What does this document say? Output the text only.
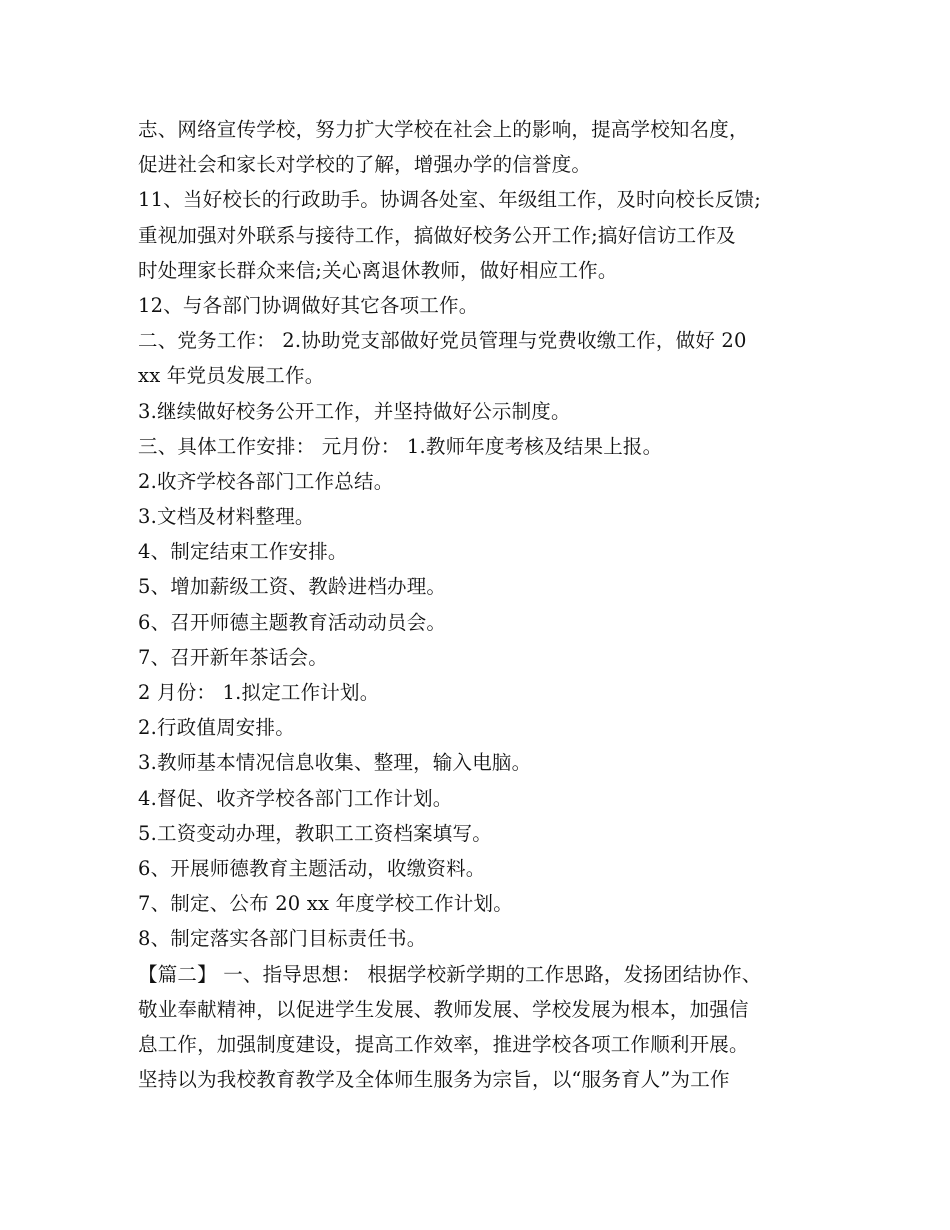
志、网络宣传学校，努力扩大学校在社会上的影响，提高学校知名度，
促进社会和家长对学校的了解，增强办学的信誉度。
11、当好校长的行政助手。协调各处室、年级组工作，及时向校长反馈;
重视加强对外联系与接待工作，搞做好校务公开工作;搞好信访工作及
时处理家长群众来信;关心离退休教师，做好相应工作。
12、与各部门协调做好其它各项工作。
二、党务工作： 2.协助党支部做好党员管理与党费收缴工作，做好 20
xx 年党员发展工作。
3.继续做好校务公开工作，并坚持做好公示制度。
三、具体工作安排： 元月份： 1.教师年度考核及结果上报。
2.收齐学校各部门工作总结。
3.文档及材料整理。
4、制定结束工作安排。
5、增加薪级工资、教龄进档办理。
6、召开师德主题教育活动动员会。
7、召开新年茶话会。
2 月份： 1.拟定工作计划。
2.行政值周安排。
3.教师基本情况信息收集、整理，输入电脑。
4.督促、收齐学校各部门工作计划。
5.工资变动办理，教职工工资档案填写。
6、开展师德教育主题活动，收缴资料。
7、制定、公布 20 xx 年度学校工作计划。
8、制定落实各部门目标责任书。
【篇二】 一、指导思想： 根据学校新学期的工作思路，发扬团结协作、
敬业奉献精神，以促进学生发展、教师发展、学校发展为根本，加强信
息工作，加强制度建设，提高工作效率，推进学校各项工作顺利开展。
坚持以为我校教育教学及全体师生服务为宗旨，以“服务育人”为工作
